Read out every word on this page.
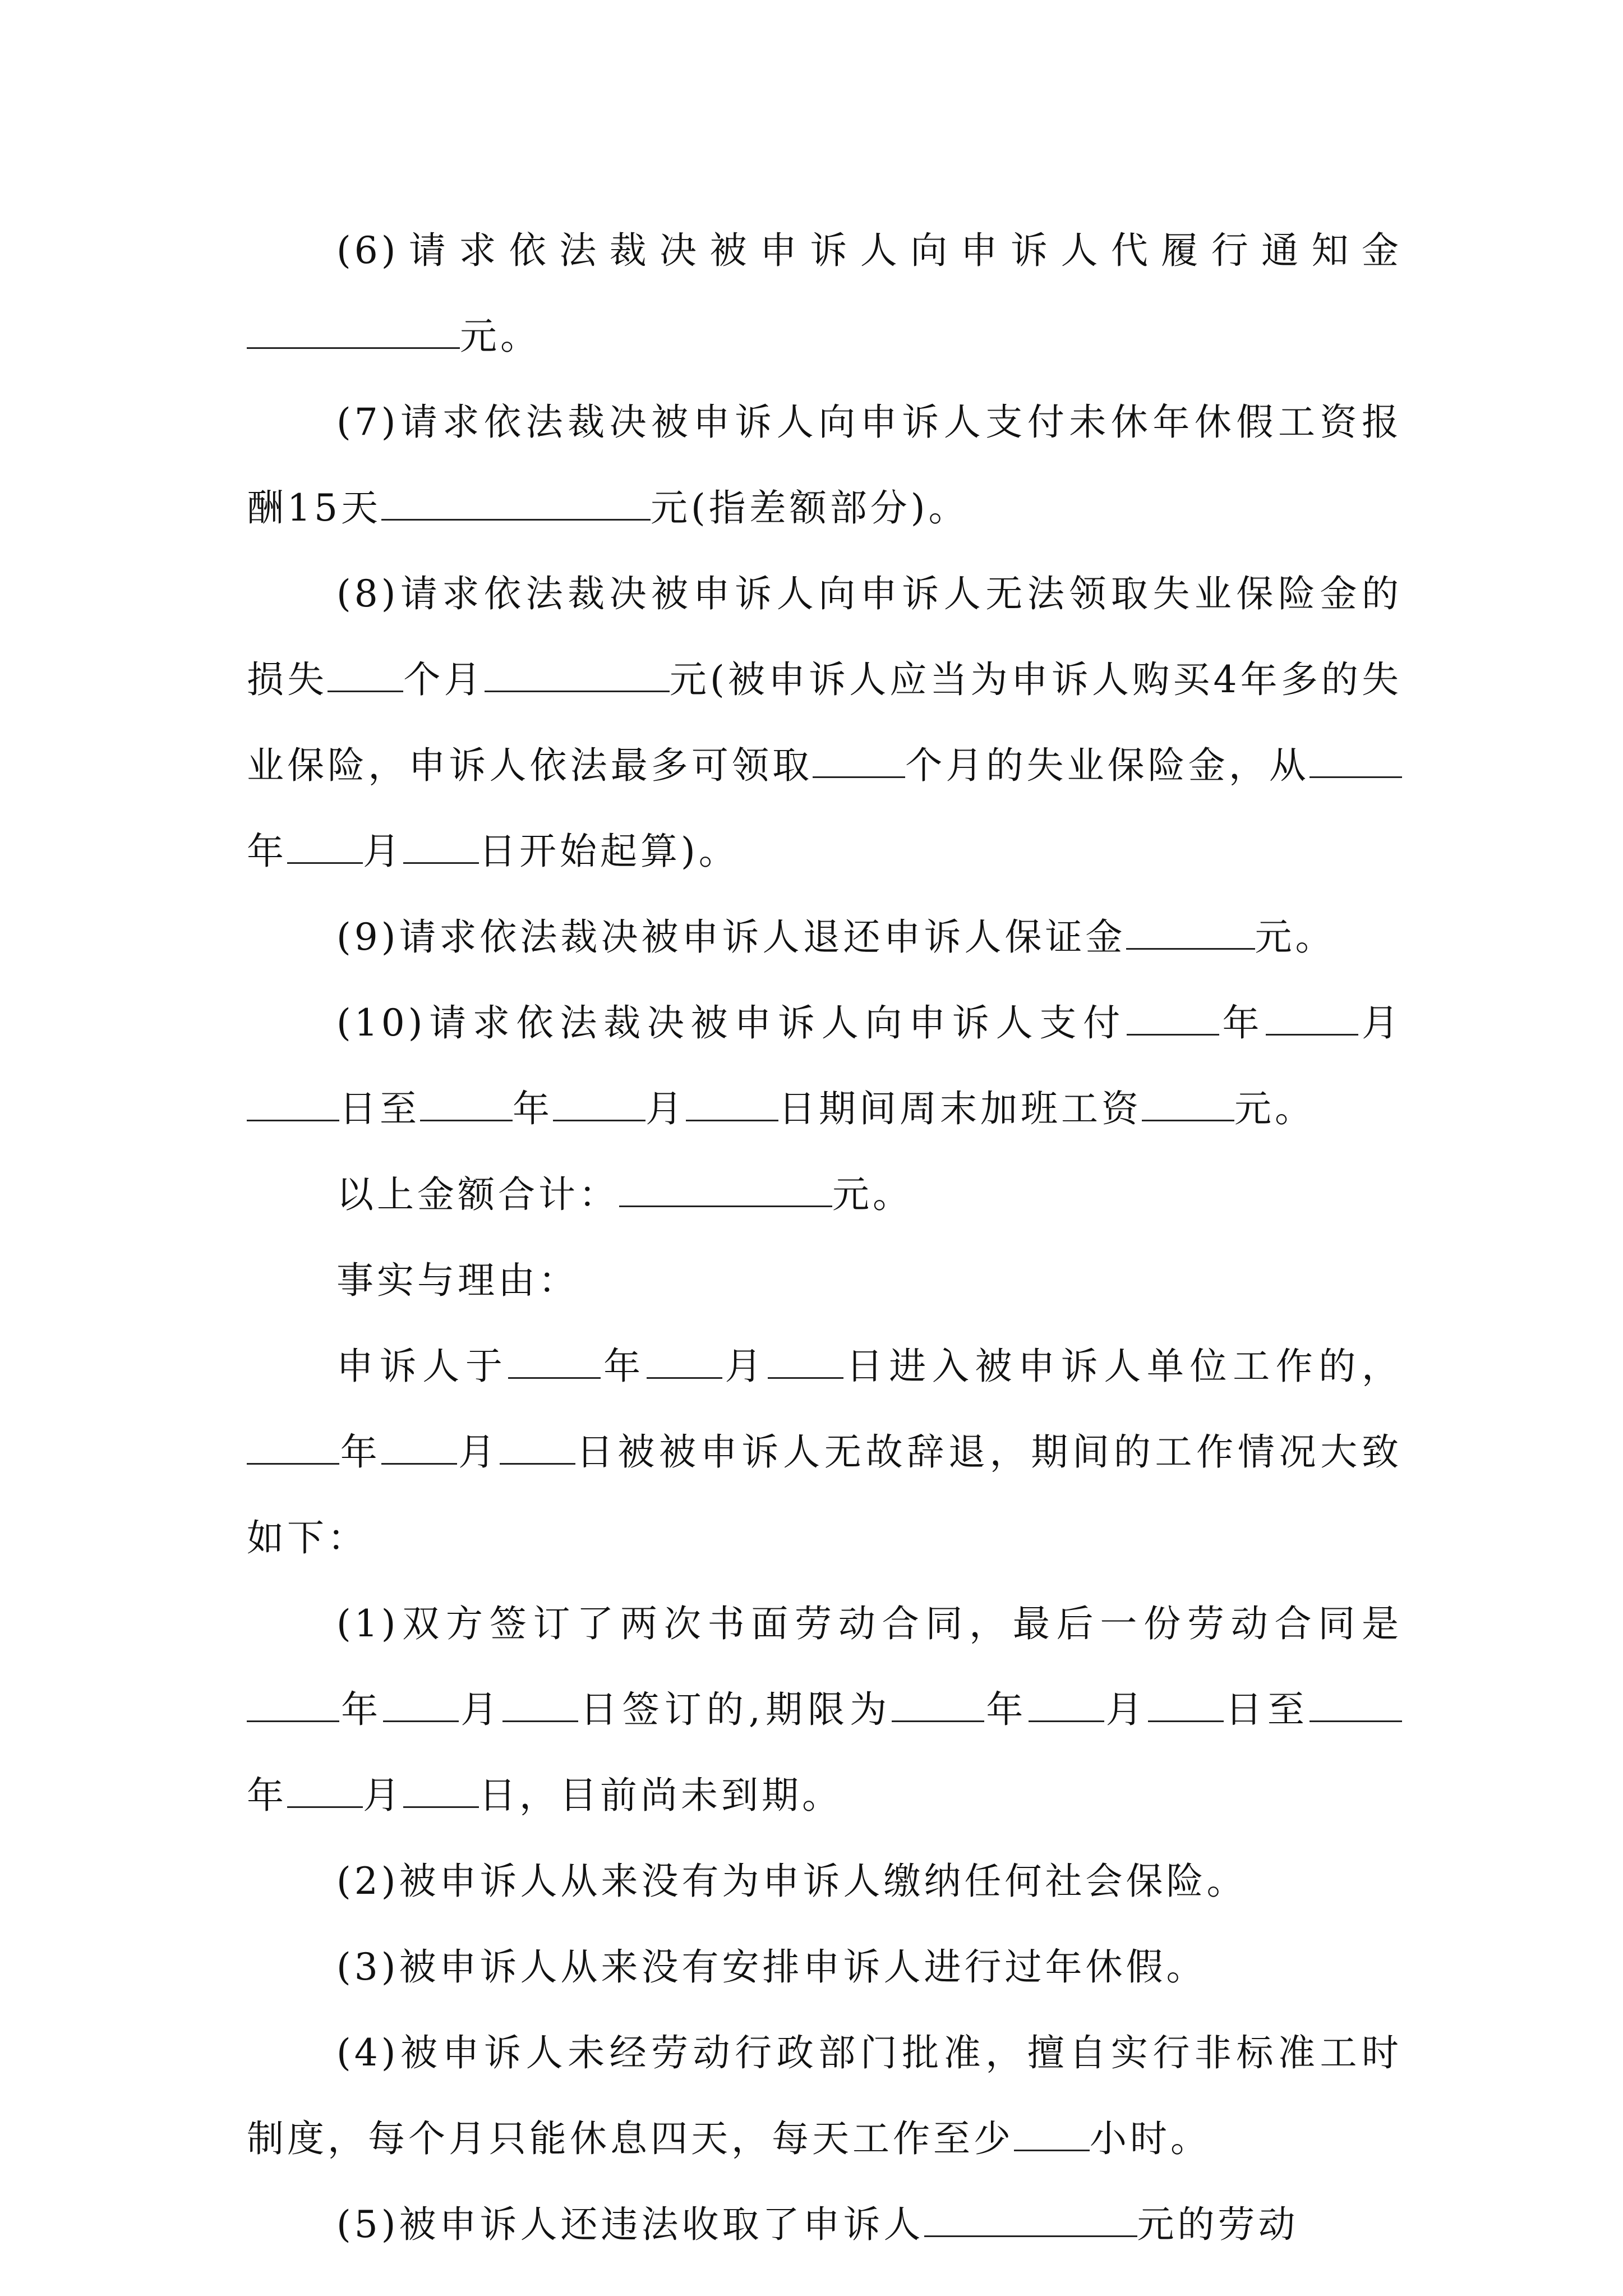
(6)请求依法裁决被申诉人向申诉人代履行通知金元。

(7)请求依法裁决被申诉人向申诉人支付未休年休假工资报酬15天	元(指差额部分)。

(8)请求依法裁决被申诉人向申诉人无法领取失业保险金的损失 个月	元(被申诉人应当为申诉人购买4年多的失业保险，申诉人依法最多可领取	个月的失业保险金，从年 月 日开始起算)。

(9)请求依法裁决被申诉人退还申诉人保证金	元。

(10)请求依法裁决被申诉人向申诉人支付	年	月日至	年	月	日期间周末加班工资	元。

以上金额合计：	元。

事实与理由：

申诉人于	年 月 日进入被申诉人单位工作的，年 月 日被被申诉人无故辞退，期间的工作情况大致如下：

(1)双方签订了两次书面劳动合同，最后一份劳动合同是年 月 日签订的,期限为	年 月 日至年 月 日，目前尚未到期。

(2)被申诉人从来没有为申诉人缴纳任何社会保险。

(3)被申诉人从来没有安排申诉人进行过年休假。

(4)被申诉人未经劳动行政部门批准，擅自实行非标准工时制度，每个月只能休息四天，每天工作至少 小时。

(5)被申诉人还违法收取了申诉人	元的劳动
